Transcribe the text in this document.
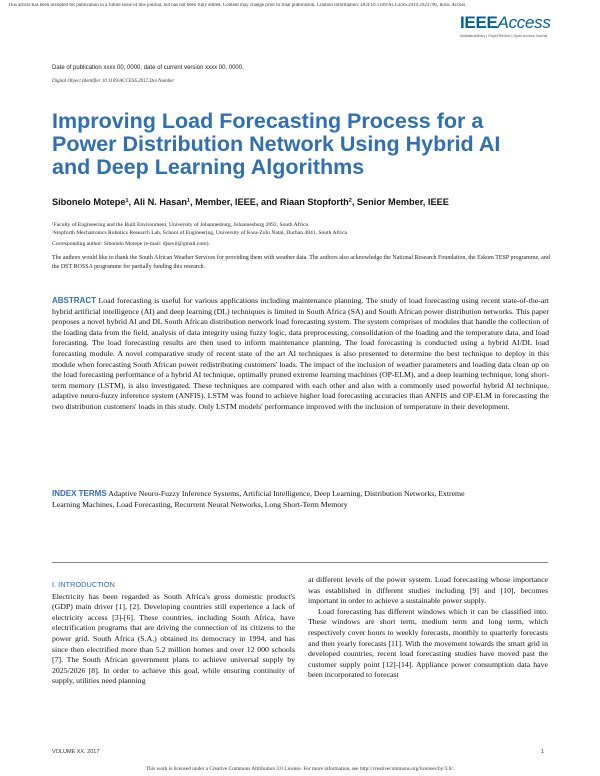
This article has been accepted for publication in a future issue of this journal, but has not been fully edited. Content may change prior to final publication. Citation information: DOI 10.1109/ACCESS.2019.2923796, IEEE Access
IEEEAccess
Multidisciplinary | Rapid Review | Open Access Journal
Date of publication xxxx 00, 0000, date of current version xxxx 00, 0000.
Digital Object Identifier 10.1109/ACCESS.2017.Doi Number
Improving Load Forecasting Process for a Power Distribution Network Using Hybrid AI and Deep Learning Algorithms
Sibonelo Motepe¹, Ali N. Hasan¹, Member, IEEE, and Riaan Stopforth², Senior Member, IEEE
¹Faculty of Engineering and the Built Environment, University of Johannesburg, Johannesburg 2092, South Africa
²Stopforth Mechatronics Robotics Research Lab, School of Engineering, University of Kwa-Zulu Natal, Durban 4041, South Africa
Corresponding author: Sibonelo Motepe (e-mail: djsevil@gmail.com).
The authors would like to thank the South African Weather Services for providing them with weather data. The authors also acknowledge the National Research Foundation, the Eskom TESP programme, and the DST ROSSA programme for partially funding this research.
ABSTRACT Load forecasting is useful for various applications including maintenance planning. The study of load forecasting using recent state-of-the-art hybrid artificial intelligence (AI) and deep learning (DL) techniques is limited in South Africa (SA) and South African power distribution networks. This paper proposes a novel hybrid AI and DL South African distribution network load forecasting system. The system comprises of modules that handle the collection of the loading data from the field, analysis of data integrity using fuzzy logic, data preprocessing, consolidation of the loading and the temperature data, and load forecasting. The load forecasting results are then used to inform maintenance planning. The load forecasting is conducted using a hybrid AI/DL load forecasting module. A novel comparative study of recent state of the art AI techniques is also presented to determine the best technique to deploy in this module when forecasting South African power redistributing customers' loads. The impact of the inclusion of weather parameters and loading data clean up on the load forecasting performance of a hybrid AI technique, optimally pruned extreme learning machines (OP-ELM), and a deep learning technique, long short-term memory (LSTM), is also investigated. These techniques are compared with each other and also with a commonly used powerful hybrid AI technique, adaptive neuro-fuzzy inference system (ANFIS). LSTM was found to achieve higher load forecasting accuracies than ANFIS and OP-ELM in forecasting the two distribution customers' loads in this study. Only LSTM models' performance improved with the inclusion of temperature in their development.
INDEX TERMS Adaptive Neuro-Fuzzy Inference Systems, Artificial Intelligence, Deep Learning, Distribution Networks, Extreme Learning Machines, Load Forecasting, Recurrent Neural Networks, Long Short-Term Memory
I. INTRODUCTION
Electricity has been regarded as South Africa's gross domestic product's (GDP) main driver [1], [2]. Developing countries still experience a lack of electricity access [3]-[6]. These countries, including South Africa, have electrification programs that are driving the connection of its citizens to the power grid. South Africa (S.A.) obtained its democracy in 1994, and has since then electrified more than 5.2 million homes and over 12 000 schools [7]. The South African government plans to achieve universal supply by 2025/2026 [8]. In order to achieve this goal, while ensuring continuity of supply, utilities need planning
at different levels of the power system. Load forecasting whose importance was established in different studies including [9] and [10], becomes important in order to achieve a sustainable power supply.
Load forecasting has different windows which it can be classified into. These windows are short term, medium term and long term, which respectively cover hours to weekly forecasts, monthly to quarterly forecasts and then yearly forecasts [11]. With the movement towards the smart grid in developed countries, recent load forecasting studies have moved past the customer supply point [12]-[14]. Appliance power consumption data have been incorporated to forecast
VOLUME XX, 2017	1
This work is licensed under a Creative Commons Attribution 3.0 License. For more information, see http://creativecommons.org/licenses/by/3.0/.
